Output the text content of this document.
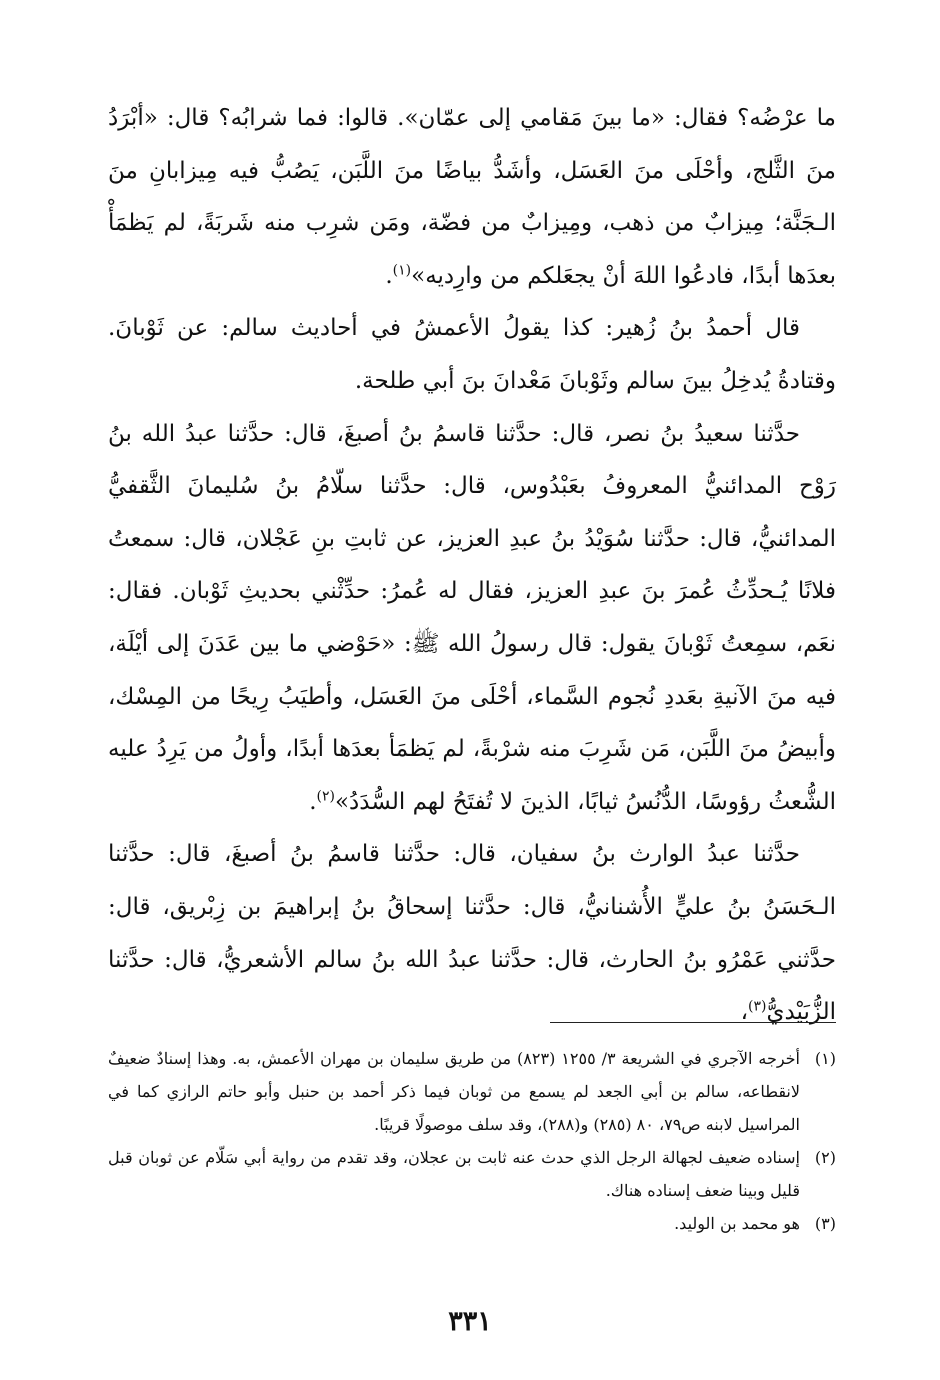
ما عرْضُه؟ فقال: «ما بينَ مَقامي إلى عمّان». قالوا: فما شرابُه؟ قال: «أبْرَدُ منَ الثَّلج، وأحْلَى منَ العَسَل، وأشَدُّ بياضًا منَ اللَّبَن، يَصُبُّ فيه مِيزابانِ منَ الـجَنَّة؛ مِيزابٌ من ذهب، ومِيزابٌ من فضّة، ومَن شرِب منه شَربَةً، لم يَظمَأْ بعدَها أبدًا، فادعُوا اللهَ أنْ يجعَلكم من وارِديه»$^{(١)}$.

قال أحمدُ بنُ زُهير: كذا يقولُ الأعمشُ في أحاديث سالم: عن ثَوْبانَ. وقتادةُ يُدخِلُ بينَ سالم وثَوْبانَ مَعْدانَ بنَ أبي طلحة.

حدَّثنا سعيدُ بنُ نصر، قال: حدَّثنا قاسمُ بنُ أصبغَ، قال: حدَّثنا عبدُ الله بنُ رَوْح المدائنيُّ المعروفُ بعَبْدُوس، قال: حدَّثنا سلّامُ بنُ سُليمانَ الثَّقفيُّ المدائنيُّ، قال: حدَّثنا سُوَيْدُ بنُ عبدِ العزيز، عن ثابتِ بنِ عَجْلان، قال: سمعتُ فلانًا يُـحدِّثُ عُمرَ بنَ عبدِ العزيز، فقال له عُمرُ: حدِّثْني بحديثِ ثَوْبان. فقال: نعَم، سمِعتُ ثَوْبانَ يقول: قال رسولُ الله ﷺ: «حَوْضي ما بين عَدَنَ إلى أيْلَة، فيه منَ الآنيةِ بعَددِ نُجوم السَّماء، أحْلَى منَ العَسَل، وأطيَبُ رِيحًا من المِسْك، وأبيضُ منَ اللَّبَن، مَن شَرِبَ منه شرْبةً، لم يَظمَأ بعدَها أبدًا، وأولُ من يَرِدُ عليه الشُّعثُ رؤوسًا، الدُّنُسُ ثيابًا، الذينَ لا تُفتَحُ لهم السُّدَدُ»$^{(٢)}$.

حدَّثنا عبدُ الوارث بنُ سفيان، قال: حدَّثنا قاسمُ بنُ أصبغَ، قال: حدَّثنا الـحَسَنُ بنُ عليٍّ الأُشنانيُّ، قال: حدَّثنا إسحاقُ بنُ إبراهيمَ بن زِبْريق، قال: حدَّثني عَمْرُو بنُ الحارث، قال: حدَّثنا عبدُ الله بنُ سالم الأشعريُّ، قال: حدَّثنا الزُّبَيْديُّ$^{(٣)}$،

(١)
أخرجه الآجري في الشريعة ٣/ ١٢٥٥ (٨٢٣) من طريق سليمان بن مهران الأعمش، به. وهذا إسنادٌ ضعيفٌ لانقطاعه، سالم بن أبي الجعد لم يسمع من ثوبان فيما ذكر أحمد بن حنبل وأبو حاتم الرازي كما في المراسيل لابنه ص٧٩، ٨٠ (٢٨٥) و(٢٨٨)، وقد سلف موصولًا قريبًا.

(٢)
إسناده ضعيف لجهالة الرجل الذي حدث عنه ثابت بن عجلان، وقد تقدم من رواية أبي سَلّام عن ثوبان قبل قليل وبينا ضعف إسناده هناك.

(٣)
هو محمد بن الوليد.

٣٣١
